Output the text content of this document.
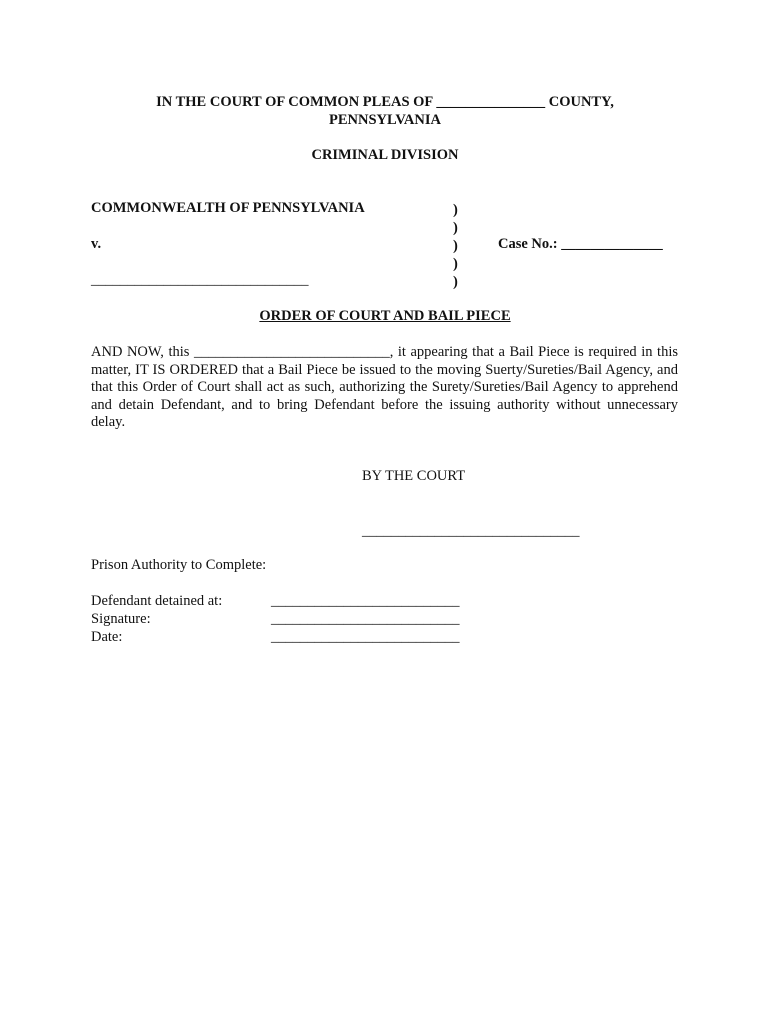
IN THE COURT OF COMMON PLEAS OF _______________ COUNTY,
PENNSYLVANIA
CRIMINAL DIVISION
COMMONWEALTH OF PENNSYLVANIA
v.
______________________________
)
)
)
)
)
Case No.: ______________
ORDER OF COURT AND BAIL PIECE
AND NOW, this ___________________________, it appearing that a Bail Piece is required in this matter, IT IS ORDERED that a Bail Piece be issued to the moving Suerty/Sureties/Bail Agency, and that this Order of Court shall act as such, authorizing the Surety/Sureties/Bail Agency to apprehend and detain Defendant, and to bring Defendant before the issuing authority without unnecessary delay.
BY THE COURT
______________________________
Prison Authority to Complete:
Defendant detained at:	__________________________
Signature:	__________________________
Date:	__________________________
